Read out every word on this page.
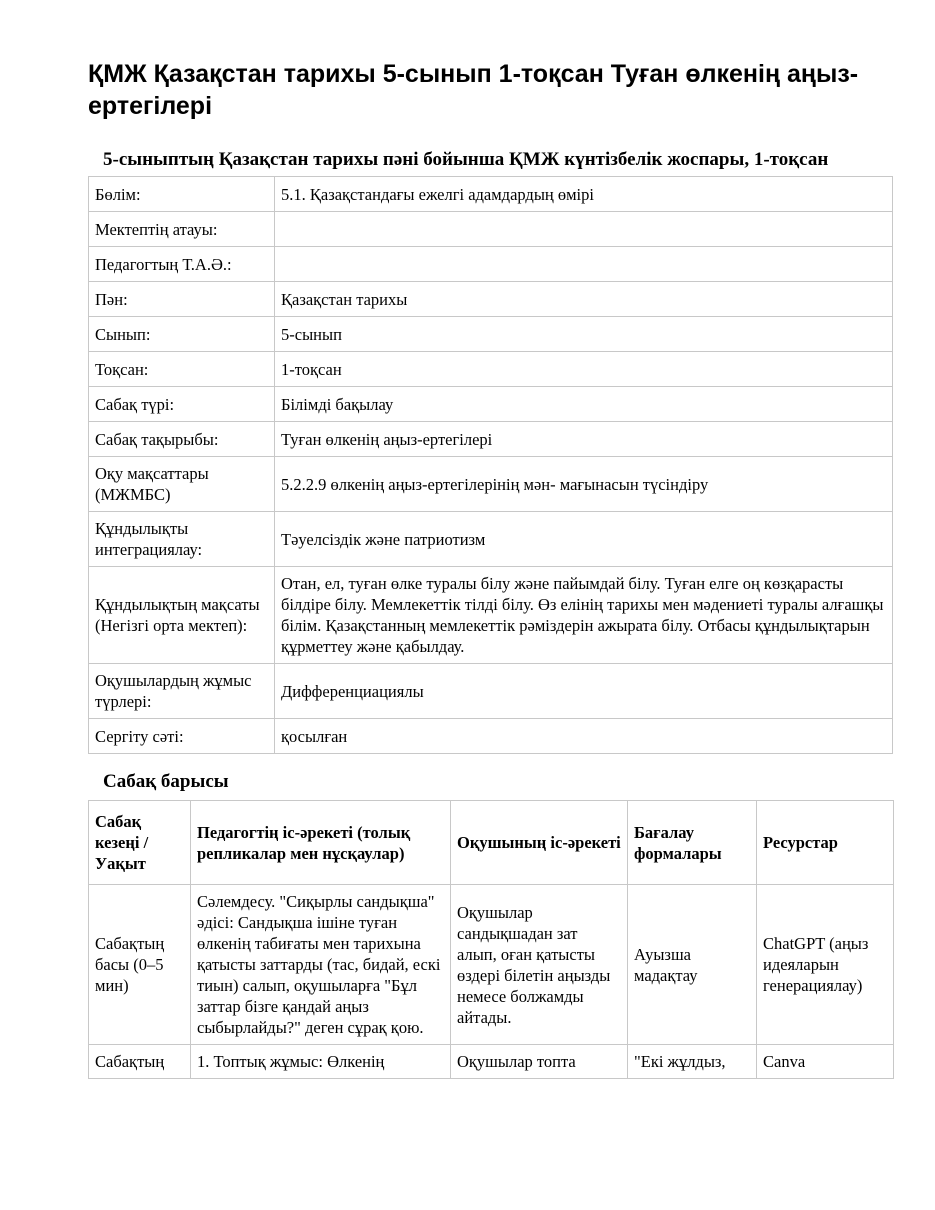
ҚМЖ Қазақстан тарихы 5-сынып 1-тоқсан Туған өлкенің аңыз-ертегілері
5-сыныптың Қазақстан тарихы пәні бойынша ҚМЖ күнтізбелік жоспары, 1-тоқсан
Бөлім:	5.1. Қазақстандағы ежелгі адамдардың өмірі
Мектептің атауы:	
Педагогтың Т.А.Ә.:	
Пән:	Қазақстан тарихы
Сынып:	5-сынып
Тоқсан:	1-тоқсан
Сабақ түрі:	Білімді бақылау
Сабақ тақырыбы:	Туған өлкенің аңыз-ертегілері
Оқу мақсаттары (МЖМБС)	5.2.2.9 өлкенің аңыз-ертегілерінің мән- мағынасын түсіндіру
Құндылықты интеграциялау:	Тәуелсіздік және патриотизм
Құндылықтың мақсаты (Негізгі орта мектеп):	Отан, ел, туған өлке туралы білу және пайымдай білу. Туған елге оң көзқарасты білдіре білу. Мемлекеттік тілді білу. Өз елінің тарихы мен мәдениеті туралы алғашқы білім. Қазақстанның мемлекеттік рәміздерін ажырата білу. Отбасы құндылықтарын құрметтеу және қабылдау.
Оқушылардың жұмыс түрлері:	Дифференциациялы
Сергіту сәті:	қосылған
Сабақ барысы
Сабақ кезеңі / Уақыт	Педагогтің іс-әрекеті (толық репликалар мен нұсқаулар)	Оқушының іс-әрекеті	Бағалау формалары	Ресурстар
Сабақтың басы (0–5 мин)	Сәлемдесу. "Сиқырлы сандықша" әдісі: Сандықша ішіне туған өлкенің табиғаты мен тарихына қатысты заттарды (тас, бидай, ескі тиын) салып, оқушыларға "Бұл заттар бізге қандай аңыз сыбырлайды?" деген сұрақ қою.	Оқушылар сандықшадан зат алып, оған қатысты өздері білетін аңызды немесе болжамды айтады.	Ауызша мадақтау	ChatGPT (аңыз идеяларын генерациялау)
Сабақтың	1. Топтық жұмыс: Өлкенің	Оқушылар топта	"Екі жұлдыз,	Canva
